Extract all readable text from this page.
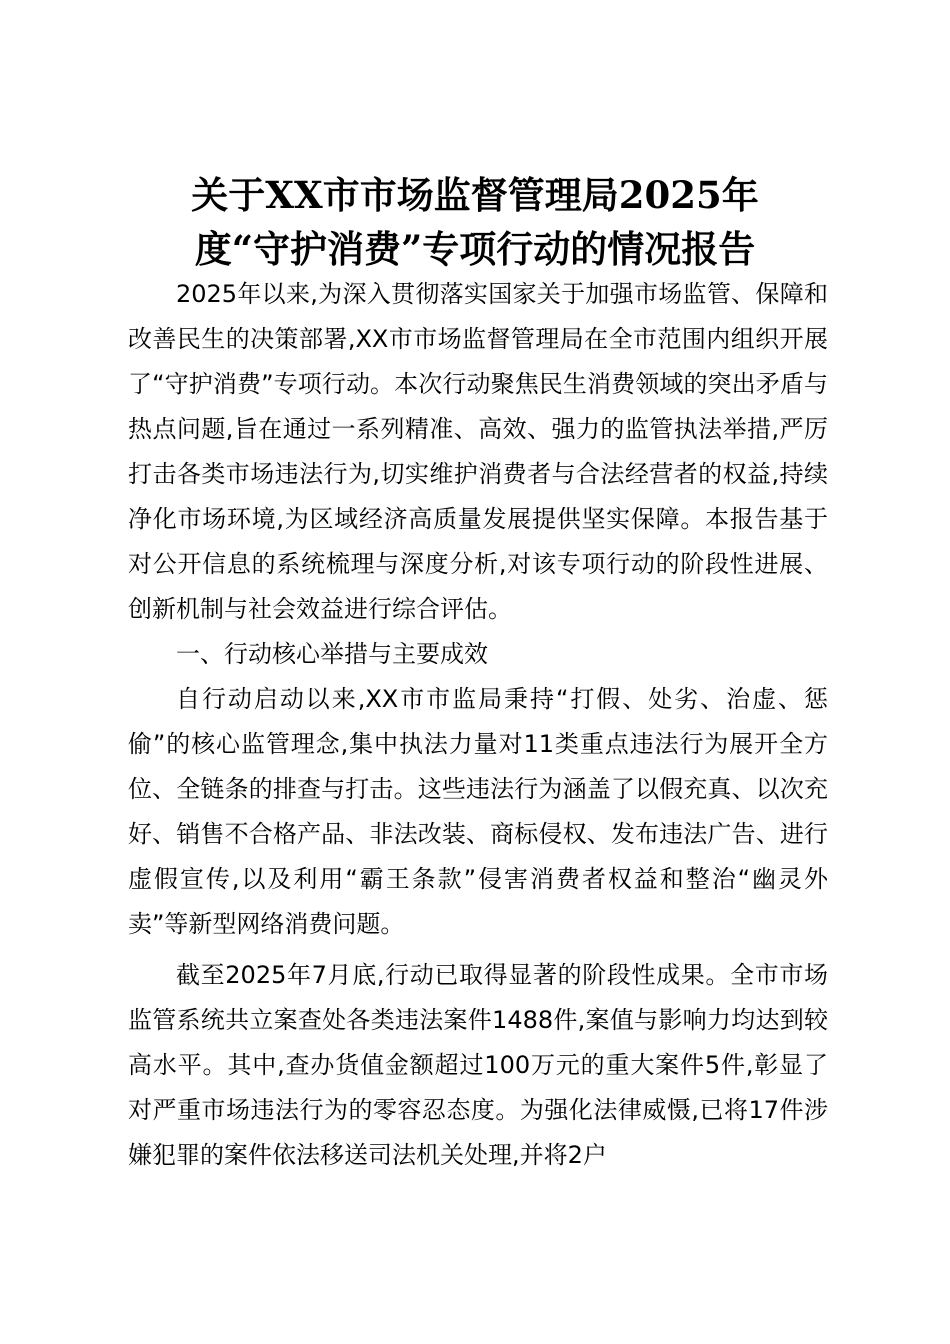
关于XX市市场监督管理局2025年
度“守护消费”专项行动的情况报告

2025年以来,为深入贯彻落实国家关于加强市场监管、保障和改善民生的决策部署,XX市市场监督管理局在全市范围内组织开展了“守护消费”专项行动。本次行动聚焦民生消费领域的突出矛盾与热点问题,旨在通过一系列精准、高效、强力的监管执法举措,严厉打击各类市场违法行为,切实维护消费者与合法经营者的权益,持续净化市场环境,为区域经济高质量发展提供坚实保障。本报告基于对公开信息的系统梳理与深度分析,对该专项行动的阶段性进展、创新机制与社会效益进行综合评估。

一、行动核心举措与主要成效

自行动启动以来,XX市市监局秉持“打假、处劣、治虚、惩偷”的核心监管理念,集中执法力量对11类重点违法行为展开全方位、全链条的排查与打击。这些违法行为涵盖了以假充真、以次充好、销售不合格产品、非法改装、商标侵权、发布违法广告、进行虚假宣传,以及利用“霸王条款”侵害消费者权益和整治“幽灵外卖”等新型网络消费问题。

截至2025年7月底,行动已取得显著的阶段性成果。全市市场监管系统共立案查处各类违法案件1488件,案值与影响力均达到较高水平。其中,查办货值金额超过100万元的重大案件5件,彰显了对严重市场违法行为的零容忍态度。为强化法律威慑,已将17件涉嫌犯罪的案件依法移送司法机关处理,并将2户
